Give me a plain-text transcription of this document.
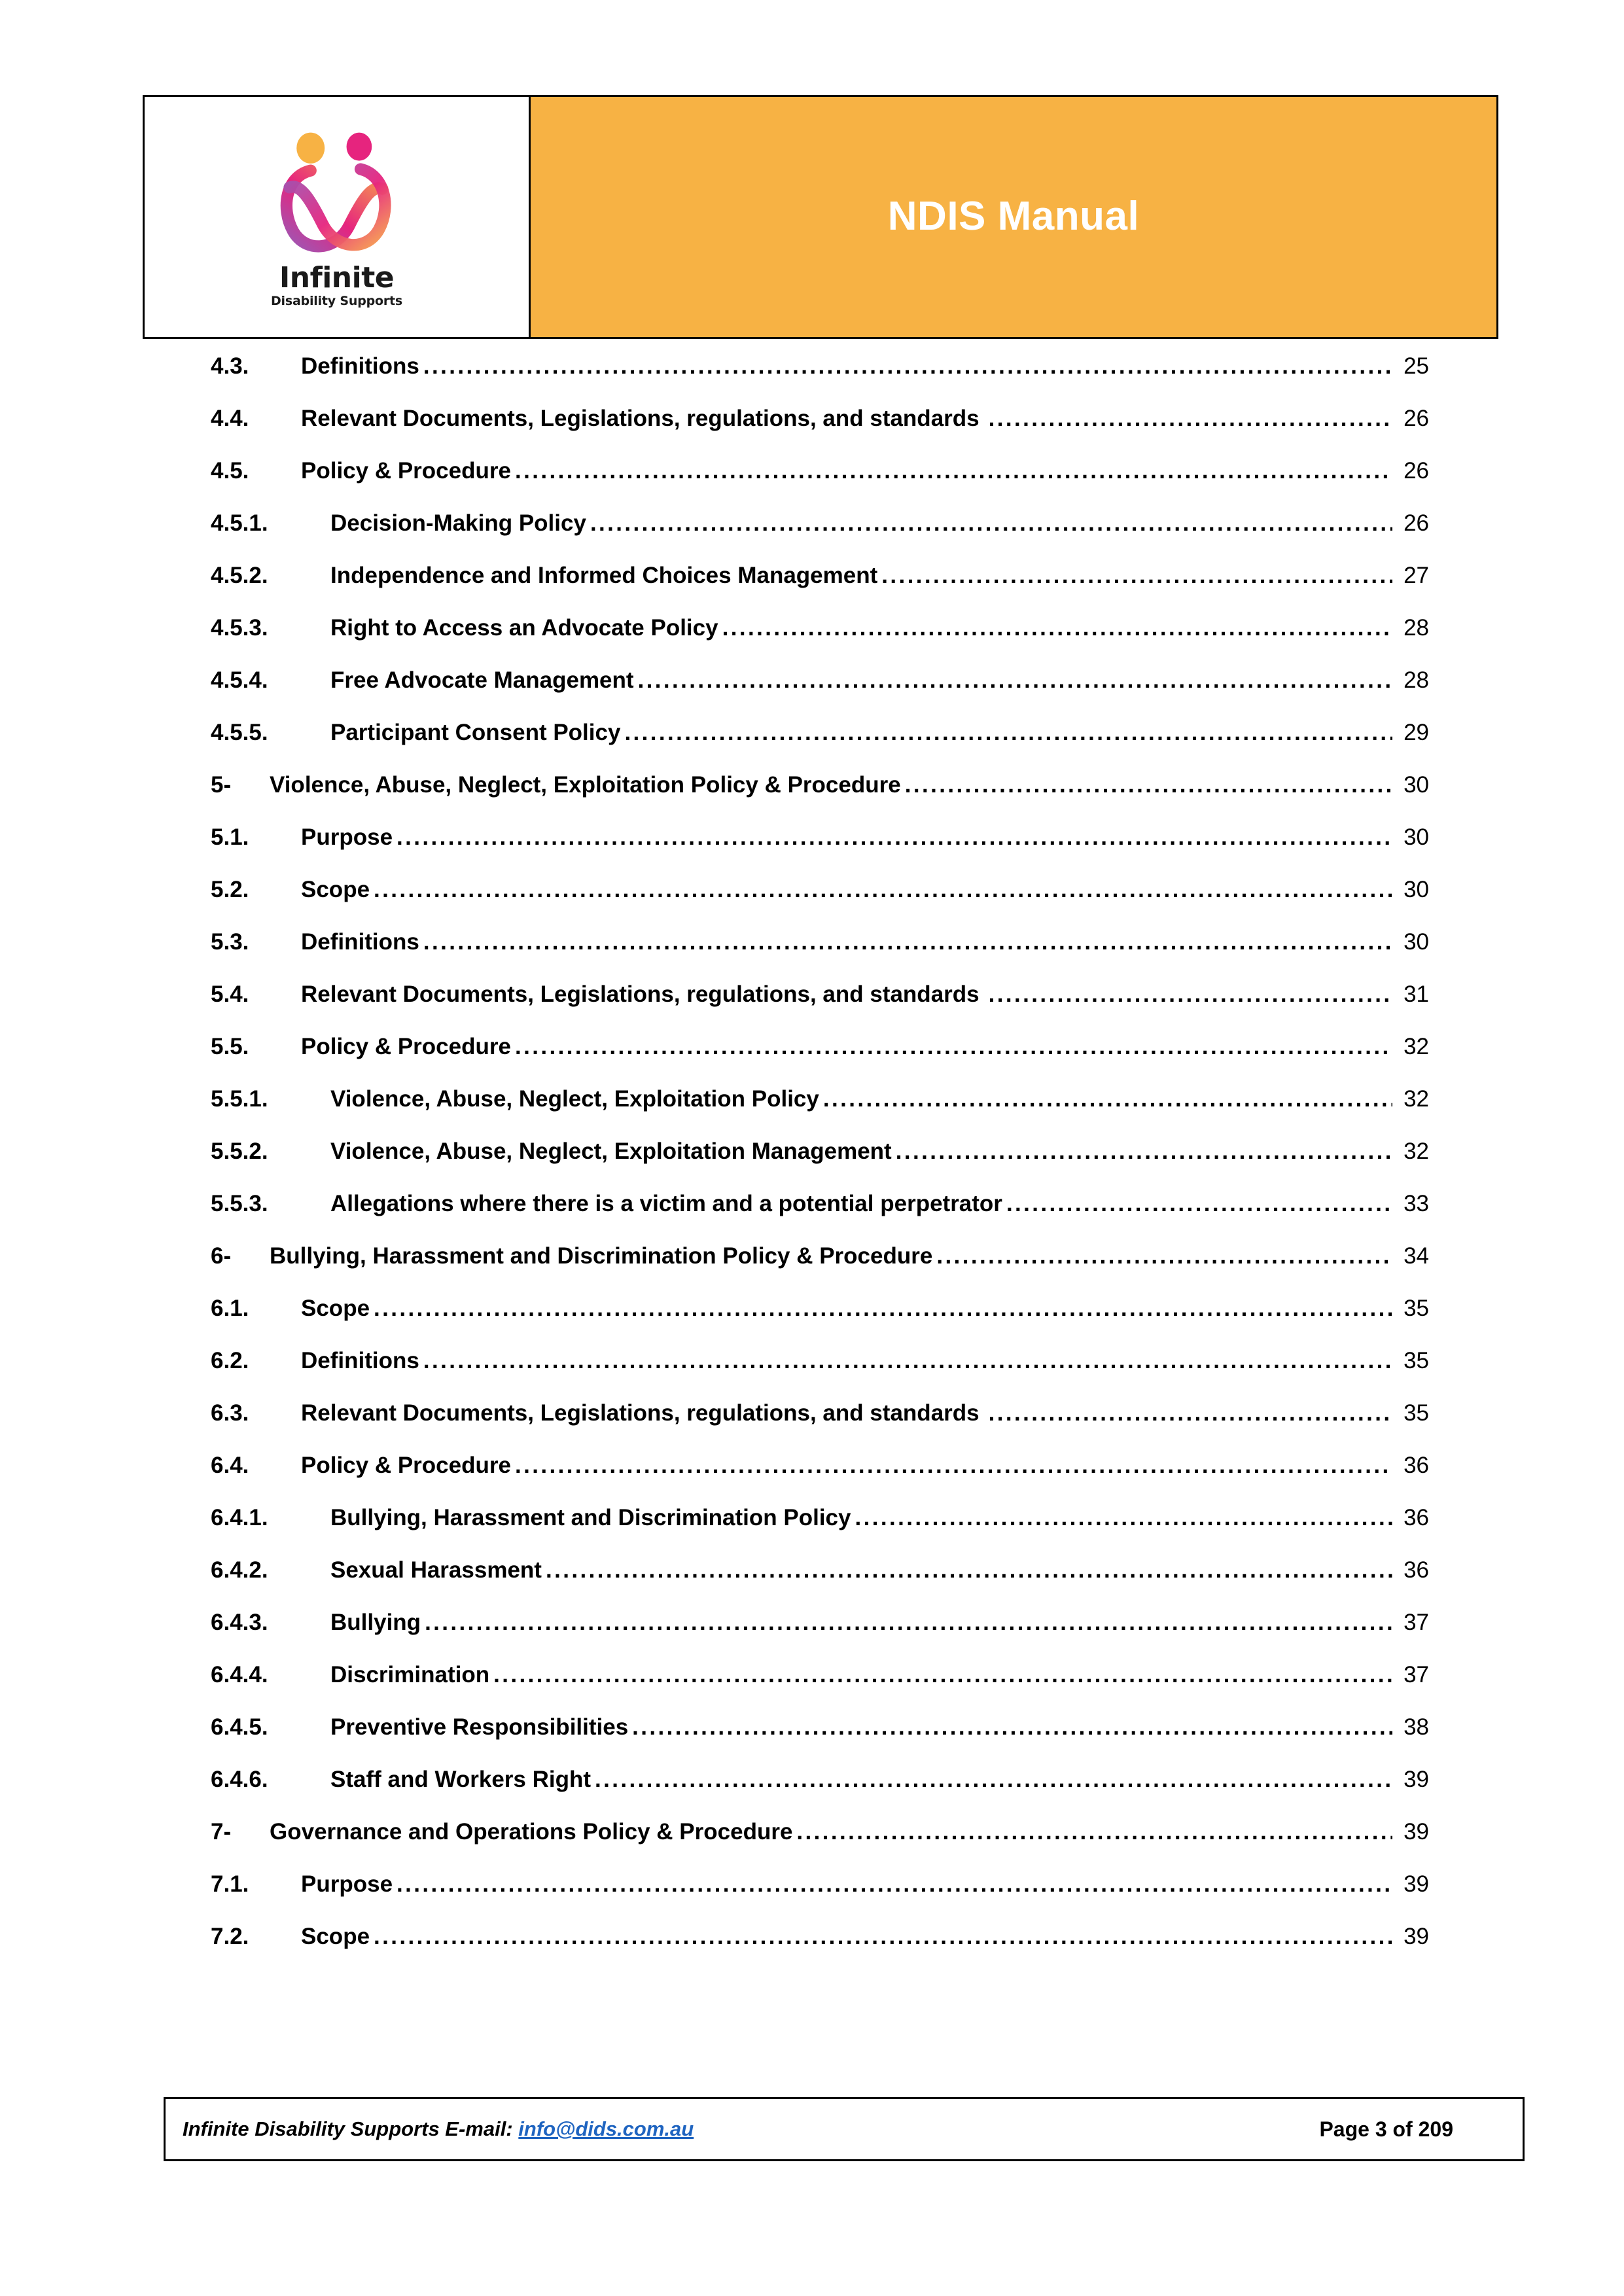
Infinite
Disability Supports
NDIS Manual
4.3.	Definitions .....	25
4.4.	Relevant Documents, Legislations, regulations, and standards .....	26
4.5.	Policy & Procedure .....	26
4.5.1.	Decision-Making Policy .....	26
4.5.2.	Independence and Informed Choices Management .....	27
4.5.3.	Right to Access an Advocate Policy .....	28
4.5.4.	Free Advocate Management .....	28
4.5.5.	Participant Consent Policy .....	29
5-	Violence, Abuse, Neglect, Exploitation Policy & Procedure .....	30
5.1.	Purpose .....	30
5.2.	Scope .....	30
5.3.	Definitions .....	30
5.4.	Relevant Documents, Legislations, regulations, and standards .....	31
5.5.	Policy & Procedure .....	32
5.5.1.	Violence, Abuse, Neglect, Exploitation Policy .....	32
5.5.2.	Violence, Abuse, Neglect, Exploitation Management .....	32
5.5.3.	Allegations where there is a victim and a potential perpetrator .....	33
6-	Bullying, Harassment and Discrimination Policy & Procedure .....	34
6.1.	Scope .....	35
6.2.	Definitions .....	35
6.3.	Relevant Documents, Legislations, regulations, and standards .....	35
6.4.	Policy & Procedure .....	36
6.4.1.	Bullying, Harassment and Discrimination Policy .....	36
6.4.2.	Sexual Harassment .....	36
6.4.3.	Bullying .....	37
6.4.4.	Discrimination .....	37
6.4.5.	Preventive Responsibilities .....	38
6.4.6.	Staff and Workers Right .....	39
7-	Governance and Operations Policy & Procedure .....	39
7.1.	Purpose .....	39
7.2.	Scope .....	39
Infinite Disability Supports E-mail: info@dids.com.au	Page 3 of 209
